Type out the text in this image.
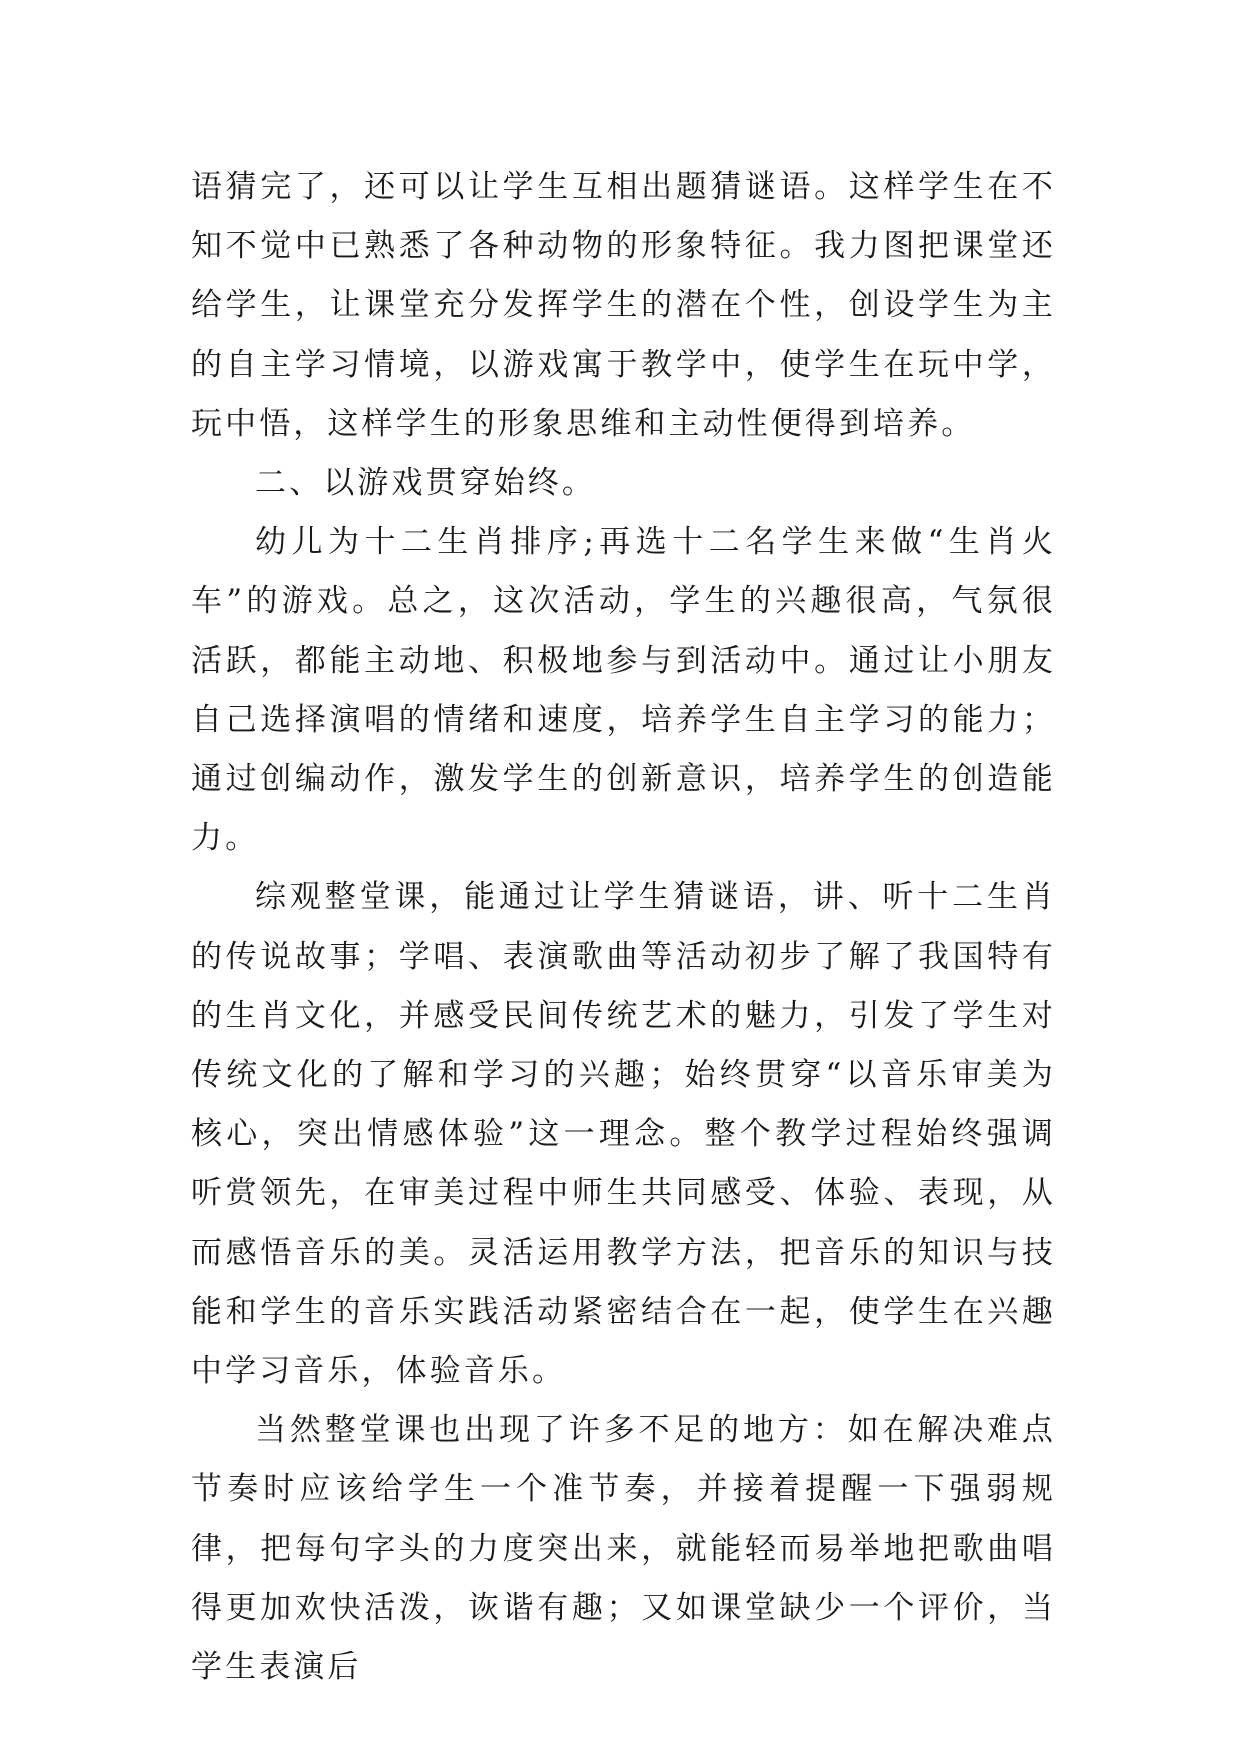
语猜完了，还可以让学生互相出题猜谜语。这样学生在不知不觉中已熟悉了各种动物的形象特征。我力图把课堂还给学生，让课堂充分发挥学生的潜在个性，创设学生为主的自主学习情境，以游戏寓于教学中，使学生在玩中学，玩中悟，这样学生的形象思维和主动性便得到培养。

二、以游戏贯穿始终。

幼儿为十二生肖排序;再选十二名学生来做“生肖火车”的游戏。总之，这次活动，学生的兴趣很高，气氛很活跃，都能主动地、积极地参与到活动中。通过让小朋友自己选择演唱的情绪和速度，培养学生自主学习的能力；通过创编动作，激发学生的创新意识，培养学生的创造能力。

综观整堂课，能通过让学生猜谜语，讲、听十二生肖的传说故事；学唱、表演歌曲等活动初步了解了我国特有的生肖文化，并感受民间传统艺术的魅力，引发了学生对传统文化的了解和学习的兴趣；始终贯穿“以音乐审美为核心，突出情感体验”这一理念。整个教学过程始终强调听赏领先，在审美过程中师生共同感受、体验、表现，从而感悟音乐的美。灵活运用教学方法，把音乐的知识与技能和学生的音乐实践活动紧密结合在一起，使学生在兴趣中学习音乐，体验音乐。

当然整堂课也出现了许多不足的地方：如在解决难点节奏时应该给学生一个准节奏，并接着提醒一下强弱规律，把每句字头的力度突出来，就能轻而易举地把歌曲唱得更加欢快活泼，诙谐有趣；又如课堂缺少一个评价，当学生表演后
